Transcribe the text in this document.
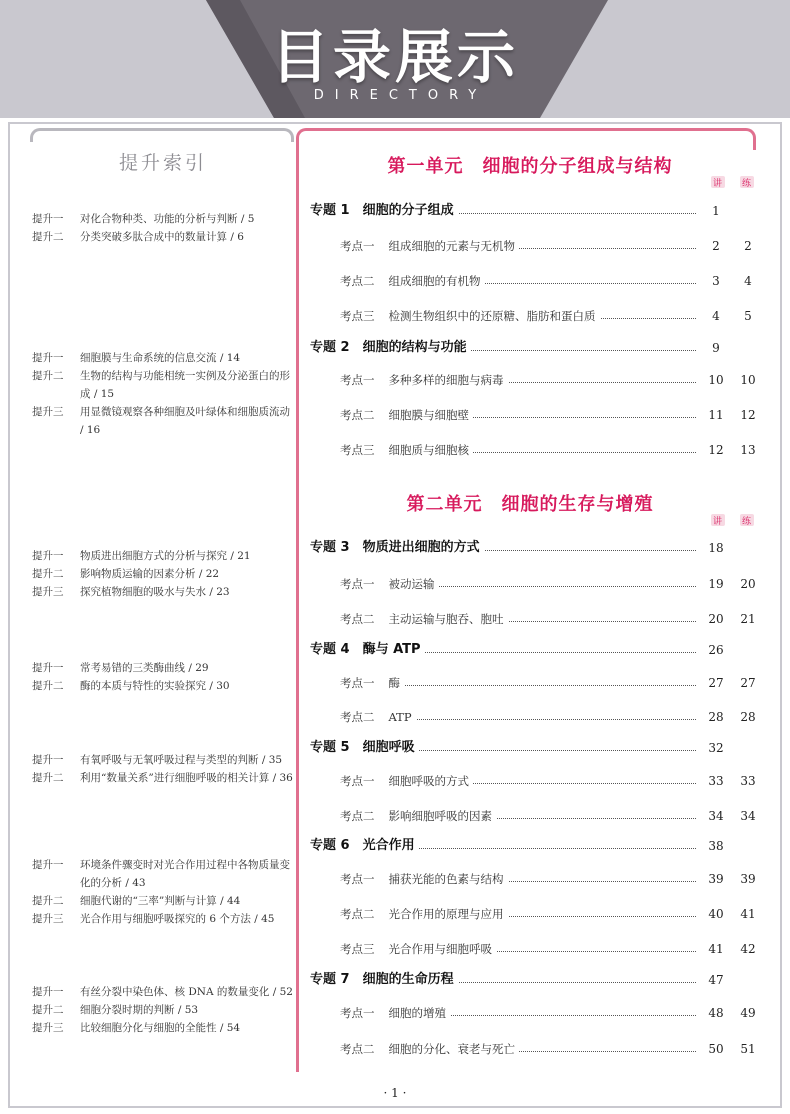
目录展示
DIRECTORY
提升索引
提升一 对化合物种类、功能的分析与判断 / 5
提升二 分类突破多肽合成中的数量计算 / 6
提升一 细胞膜与生命系统的信息交流 / 14
提升二 生物的结构与功能相统一实例及分泌蛋白的形成 / 15
提升三 用显微镜观察各种细胞及叶绿体和细胞质流动 / 16
提升一 物质进出细胞方式的分析与探究 / 21
提升二 影响物质运输的因素分析 / 22
提升三 探究植物细胞的吸水与失水 / 23
提升一 常考易错的三类酶曲线 / 29
提升二 酶的本质与特性的实验探究 / 30
提升一 有氧呼吸与无氧呼吸过程与类型的判断 / 35
提升二 利用“数量关系”进行细胞呼吸的相关计算 / 36
提升一 环境条件骤变时对光合作用过程中各物质量变化的分析 / 43
提升二 细胞代谢的“三率”判断与计算 / 44
提升三 光合作用与细胞呼吸探究的 6 个方法 / 45
提升一 有丝分裂中染色体、核 DNA 的数量变化 / 52
提升二 细胞分裂时期的判断 / 53
提升三 比较细胞分化与细胞的全能性 / 54
第一单元　细胞的分子组成与结构
讲 练
专题 1　细胞的分子组成	1
考点一 组成细胞的元素与无机物	2	2
考点二 组成细胞的有机物	3	4
考点三 检测生物组织中的还原糖、脂肪和蛋白质	4	5
专题 2　细胞的结构与功能	9
考点一 多种多样的细胞与病毒	10	10
考点二 细胞膜与细胞壁	11	12
考点三 细胞质与细胞核	12	13
第二单元　细胞的生存与增殖
讲 练
专题 3　物质进出细胞的方式	18
考点一 被动运输	19	20
考点二 主动运输与胞吞、胞吐	20	21
专题 4　酶与 ATP	26
考点一 酶	27	27
考点二 ATP	28	28
专题 5　细胞呼吸	32
考点一 细胞呼吸的方式	33	33
考点二 影响细胞呼吸的因素	34	34
专题 6　光合作用	38
考点一 捕获光能的色素与结构	39	39
考点二 光合作用的原理与应用	40	41
考点三 光合作用与细胞呼吸	41	42
专题 7　细胞的生命历程	47
考点一 细胞的增殖	48	49
考点二 细胞的分化、衰老与死亡	50	51
· 1 ·
